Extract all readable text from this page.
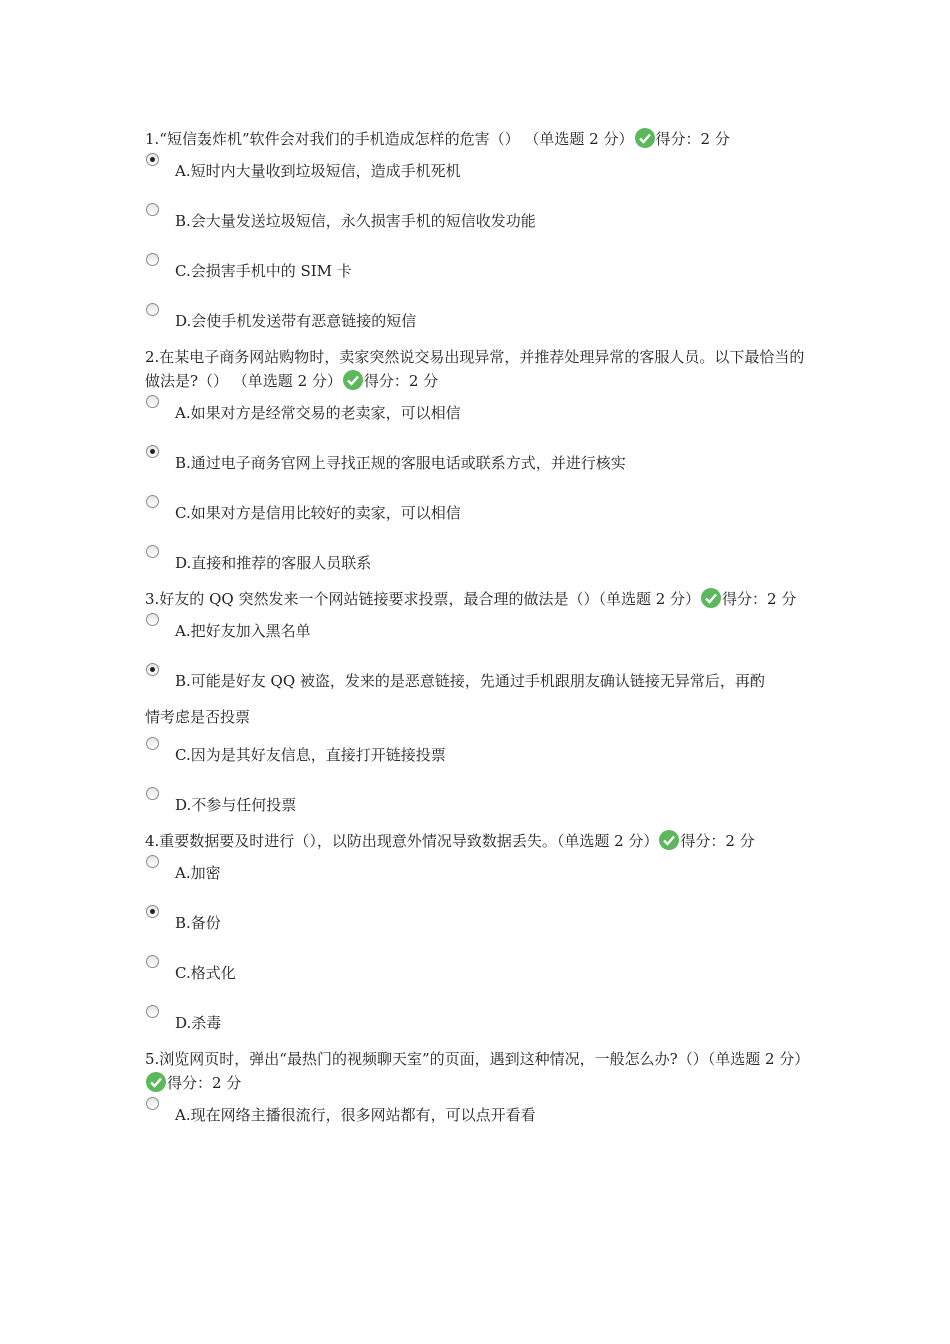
1.“短信轰炸机”软件会对我们的手机造成怎样的危害（） （单选题 2 分） 得分：2 分

A.短时内大量收到垃圾短信，造成手机死机
B.会大量发送垃圾短信，永久损害手机的短信收发功能
C.会损害手机中的 SIM 卡
D.会使手机发送带有恶意链接的短信

2.在某电子商务网站购物时，卖家突然说交易出现异常，并推荐处理异常的客服人员。以下最恰当的做法是?（） （单选题 2 分） 得分：2 分

A.如果对方是经常交易的老卖家，可以相信
B.通过电子商务官网上寻找正规的客服电话或联系方式，并进行核实
C.如果对方是信用比较好的卖家，可以相信
D.直接和推荐的客服人员联系

3.好友的 QQ 突然发来一个网站链接要求投票，最合理的做法是（）（单选题 2 分） 得分：2 分

A.把好友加入黑名单
B.可能是好友 QQ 被盗，发来的是恶意链接，先通过手机跟朋友确认链接无异常后，再酌

情考虑是否投票

C.因为是其好友信息，直接打开链接投票
D.不参与任何投票

4.重要数据要及时进行（），以防出现意外情况导致数据丢失。（单选题 2 分） 得分：2 分

A.加密
B.备份
C.格式化
D.杀毒

5.浏览网页时，弹出“最热门的视频聊天室”的页面，遇到这种情况，一般怎么办?（）（单选题 2 分）得分：2 分

A.现在网络主播很流行，很多网站都有，可以点开看看
